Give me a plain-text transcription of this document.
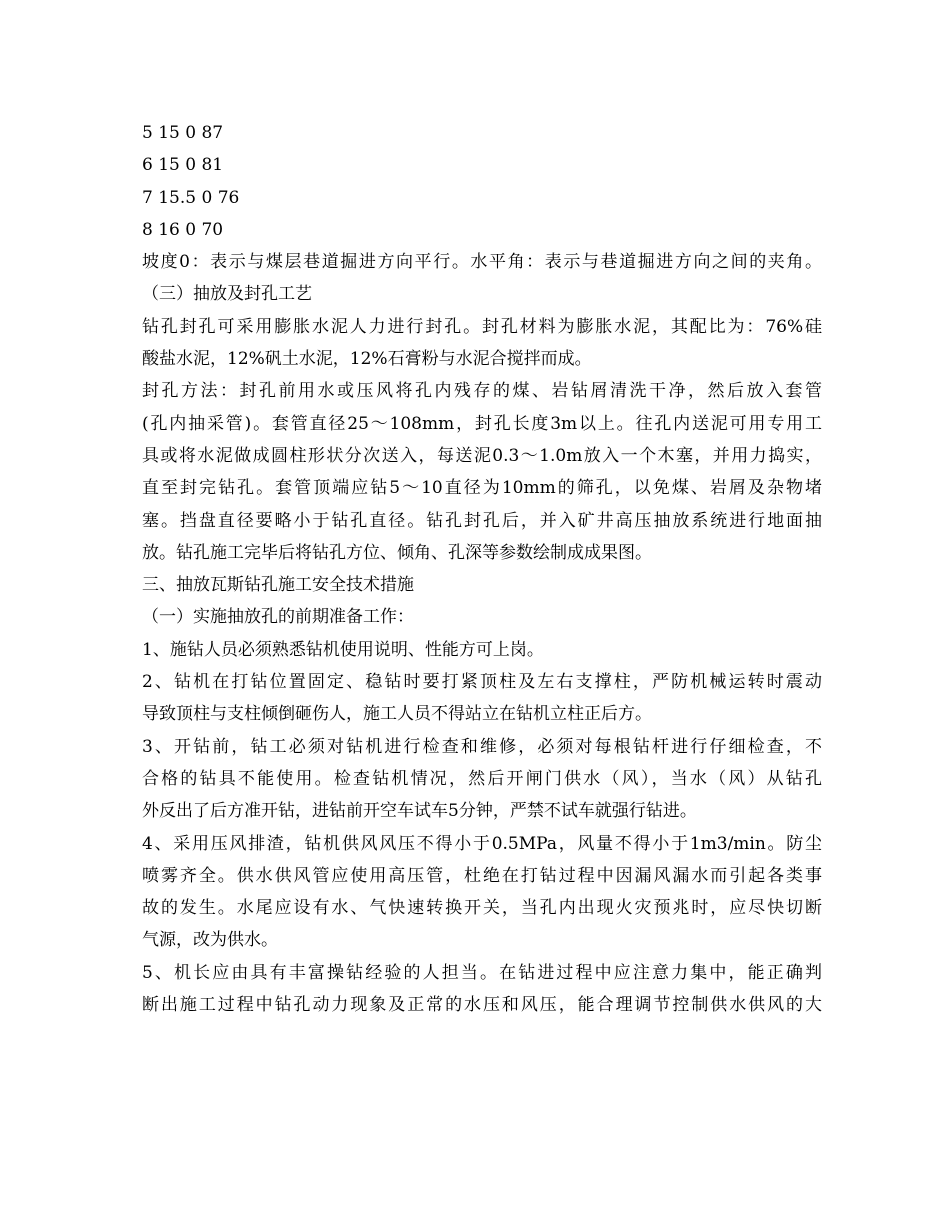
5 15 0 87
6 15 0 81
7 15.5 0 76
8 16 0 70
坡度0：表示与煤层巷道掘进方向平行。水平角：表示与巷道掘进方向之间的夹角。
（三）抽放及封孔工艺
钻孔封孔可采用膨胀水泥人力进行封孔。封孔材料为膨胀水泥，其配比为：76%硅
酸盐水泥，12%矾土水泥，12%石膏粉与水泥合搅拌而成。
封孔方法：封孔前用水或压风将孔内残存的煤、岩钻屑清洗干净，然后放入套管
(孔内抽采管)。套管直径25～108mm，封孔长度3m以上。往孔内送泥可用专用工
具或将水泥做成圆柱形状分次送入，每送泥0.3～1.0m放入一个木塞，并用力捣实，
直至封完钻孔。套管顶端应钻5～10直径为10mm的筛孔，以免煤、岩屑及杂物堵
塞。挡盘直径要略小于钻孔直径。钻孔封孔后，并入矿井高压抽放系统进行地面抽
放。钻孔施工完毕后将钻孔方位、倾角、孔深等参数绘制成成果图。
三、抽放瓦斯钻孔施工安全技术措施
（一）实施抽放孔的前期准备工作：
1、施钻人员必须熟悉钻机使用说明、性能方可上岗。
2、钻机在打钻位置固定、稳钻时要打紧顶柱及左右支撑柱，严防机械运转时震动
导致顶柱与支柱倾倒砸伤人，施工人员不得站立在钻机立柱正后方。
3、开钻前，钻工必须对钻机进行检查和维修，必须对每根钻杆进行仔细检查，不
合格的钻具不能使用。检查钻机情况，然后开闸门供水（风），当水（风）从钻孔
外反出了后方准开钻，进钻前开空车试车5分钟，严禁不试车就强行钻进。
4、采用压风排渣，钻机供风风压不得小于0.5MPa，风量不得小于1m3/min。防尘
喷雾齐全。供水供风管应使用高压管，杜绝在打钻过程中因漏风漏水而引起各类事
故的发生。水尾应设有水、气快速转换开关，当孔内出现火灾预兆时，应尽快切断
气源，改为供水。
5、机长应由具有丰富操钻经验的人担当。在钻进过程中应注意力集中，能正确判
断出施工过程中钻孔动力现象及正常的水压和风压，能合理调节控制供水供风的大
